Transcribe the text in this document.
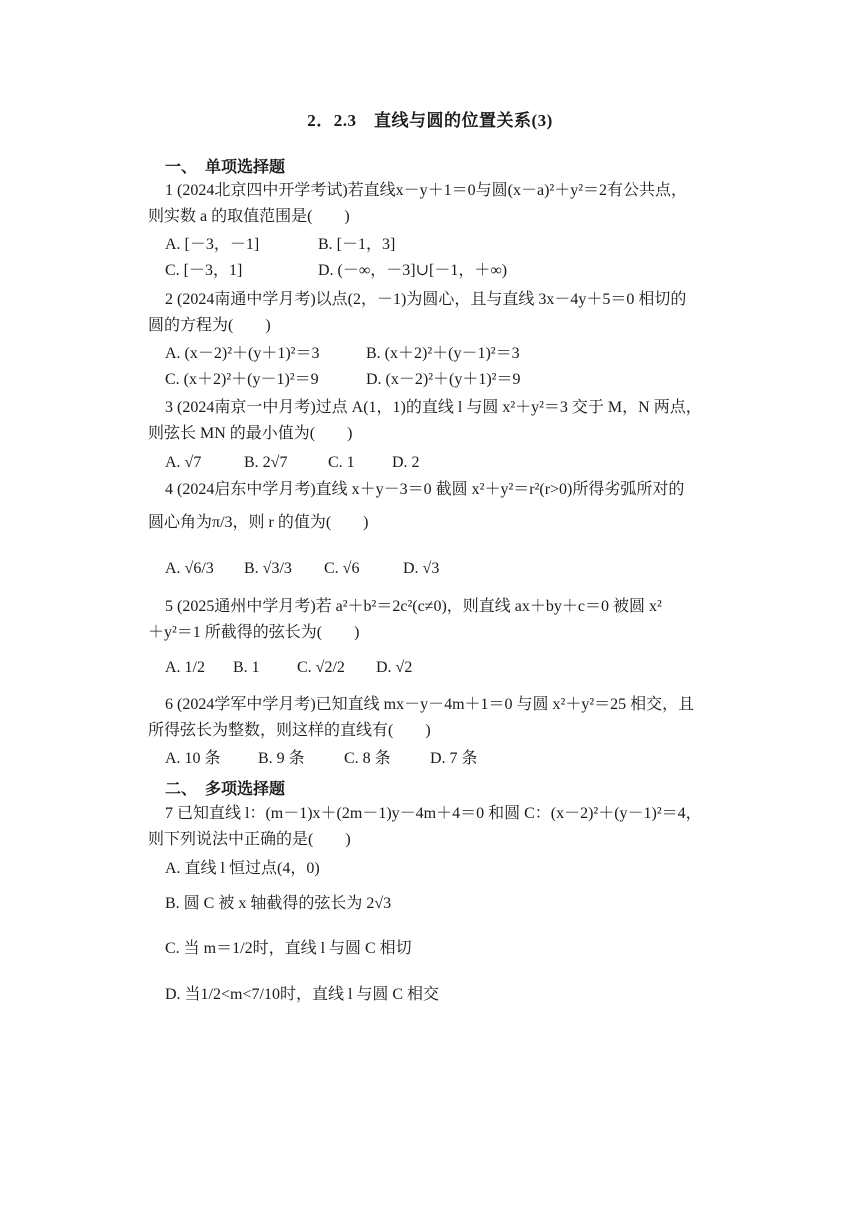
2．2.3　直线与圆的位置关系(3)
一、　单项选择题
1 (2024北京四中开学考试)若直线x－y＋1＝0与圆(x－a)²＋y²＝2有公共点，
则实数 a 的取值范围是(　　)
A. [－3，－1]	B. [－1，3]
C. [－3，1]	D. (－∞，－3]∪[－1，＋∞)
2 (2024南通中学月考)以点(2，－1)为圆心，且与直线 3x－4y＋5＝0 相切的
圆的方程为(　　)
A. (x－2)²＋(y＋1)²＝3	B. (x＋2)²＋(y－1)²＝3
C. (x＋2)²＋(y－1)²＝9	D. (x－2)²＋(y＋1)²＝9
3 (2024南京一中月考)过点 A(1，1)的直线 l 与圆 x²＋y²＝3 交于 M，N 两点，
则弦长 MN 的最小值为(　　)
A. √7	B. 2√7	C. 1 D. 2
4 (2024启东中学月考)直线 x＋y－3＝0 截圆 x²＋y²＝r²(r>0)所得劣弧所对的
圆心角为π/3，则 r 的值为(　　)
A. √6/3 B. √3/3 C. √6	D. √3
5 (2025通州中学月考)若 a²＋b²＝2c²(c≠0)，则直线 ax＋by＋c＝0 被圆 x²
＋y²＝1 所截得的弦长为(　　)
A. 1/2 B. 1 C. √2/2 D. √2
6 (2024学军中学月考)已知直线 mx－y－4m＋1＝0 与圆 x²＋y²＝25 相交，且
所得弦长为整数，则这样的直线有(　　)
A. 10 条 B. 9 条 C. 8 条 D. 7 条
二、　多项选择题
7 已知直线 l：(m－1)x＋(2m－1)y－4m＋4＝0 和圆 C：(x－2)²＋(y－1)²＝4，
则下列说法中正确的是(　　)
A. 直线 l 恒过点(4，0)
B. 圆 C 被 x 轴截得的弦长为 2√3
C. 当 m＝1/2时，直线 l 与圆 C 相切
D. 当1/2<m<7/10时，直线 l 与圆 C 相交
